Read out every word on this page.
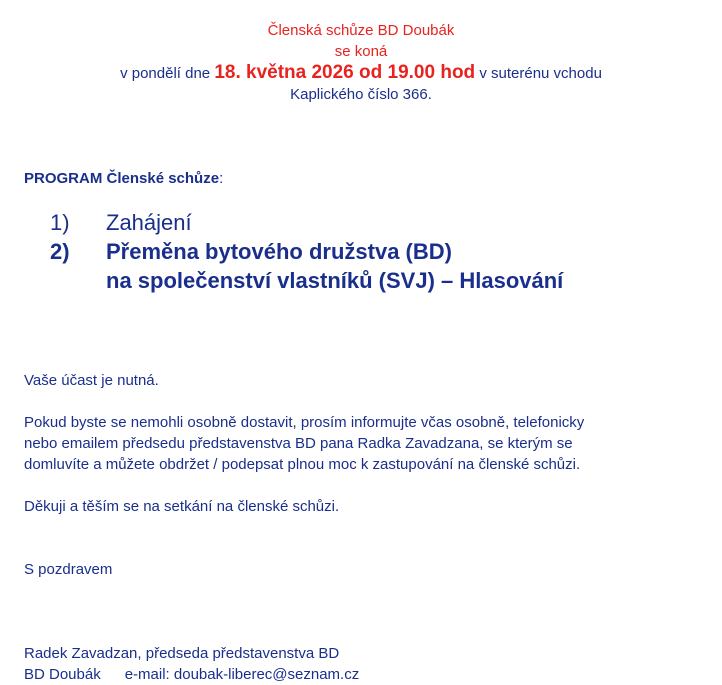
Členská schůze BD Doubák
se koná
v pondělí dne 18. května 2026 od 19.00 hod v suterénu vchodu
Kaplického číslo 366.
PROGRAM Členské schůze:
1)	Zahájení
2)	Přeměna bytového družstva (BD)
na společenství vlastníků (SVJ) – Hlasování
Vaše účast je nutná.
Pokud byste se nemohli osobně dostavit, prosím informujte včas osobně, telefonicky
nebo emailem předsedu představenstva BD pana Radka Zavadzana, se kterým se
domluvíte a můžete obdržet / podepsat plnou moc k zastupování na členské schůzi.
Děkuji a těším se na setkání na členské schůzi.
S pozdravem
Radek Zavadzan, předseda představenstva BD
BD Doubák e-mail: doubak-liberec@seznam.cz
